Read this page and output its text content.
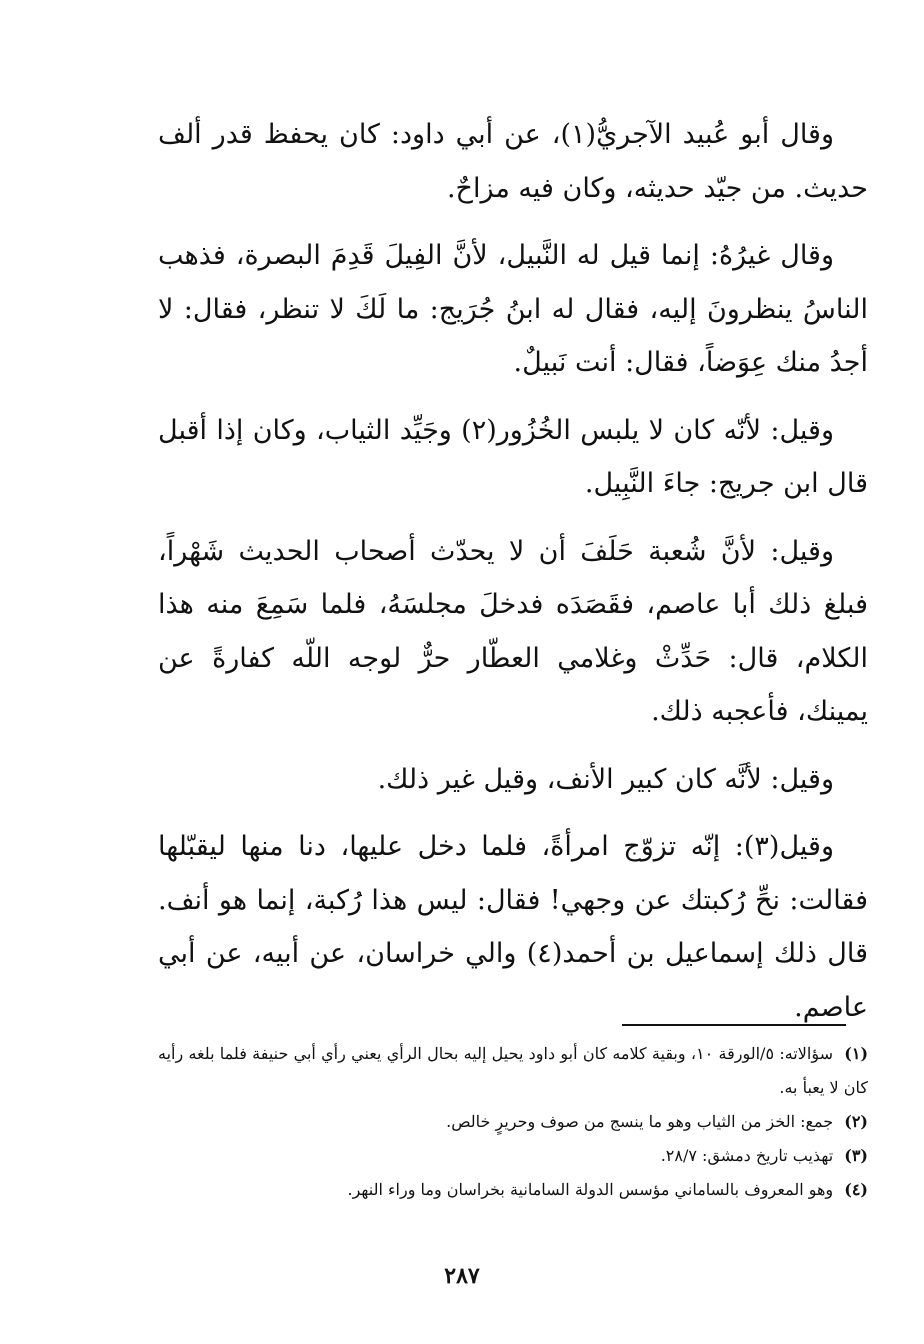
وقال أبو عُبيد الآجريُّ(١)، عن أبي داود: كان يحفظ قدر ألف حديث. من جيّد حديثه، وكان فيه مزاحٌ.

وقال غيرُهُ: إنما قيل له النَّبيل، لأنَّ الفِيلَ قَدِمَ البصرة، فذهب الناسُ ينظرونَ إليه، فقال له ابنُ جُرَيج: ما لَكَ لا تنظر، فقال: لا أجدُ منك عِوَضاً، فقال: أنت نَبيلٌ.

وقيل: لأنّه كان لا يلبس الخُزُور(٢) وجَيِّد الثياب، وكان إذا أقبل قال ابن جريج: جاءَ النَّبِيل.

وقيل: لأنَّ شُعبة حَلَفَ أن لا يحدّث أصحاب الحديث شَهْراً، فبلغ ذلك أبا عاصم، فقَصَدَه فدخلَ مجلسَهُ، فلما سَمِعَ منه هذا الكلام، قال: حَدِّثْ وغلامي العطّار حرٌّ لوجه اللّه كفارةً عن يمينك، فأعجبه ذلك.

وقيل: لأنَّه كان كبير الأنف، وقيل غير ذلك.

وقيل(٣): إنّه تزوّج امرأةً، فلما دخل عليها، دنا منها ليقبّلها فقالت: نحِّ رُكبتك عن وجهي! فقال: ليس هذا رُكبة، إنما هو أنف. قال ذلك إسماعيل بن أحمد(٤) والي خراسان، عن أبيه، عن أبي عاصم.

(١) سؤالاته: ٥/الورقة ١٠، وبقية كلامه كان أبو داود يحيل إليه بحال الرأي يعني رأي أبي حنيفة فلما بلغه رأيه كان لا يعبأ به.
(٢) جمع: الخز من الثياب وهو ما ينسج من صوف وحريرٍ خالص.
(٣) تهذيب تاريخ دمشق: ٢٨/٧.
(٤) وهو المعروف بالساماني مؤسس الدولة السامانية بخراسان وما وراء النهر.
٢٨٧
